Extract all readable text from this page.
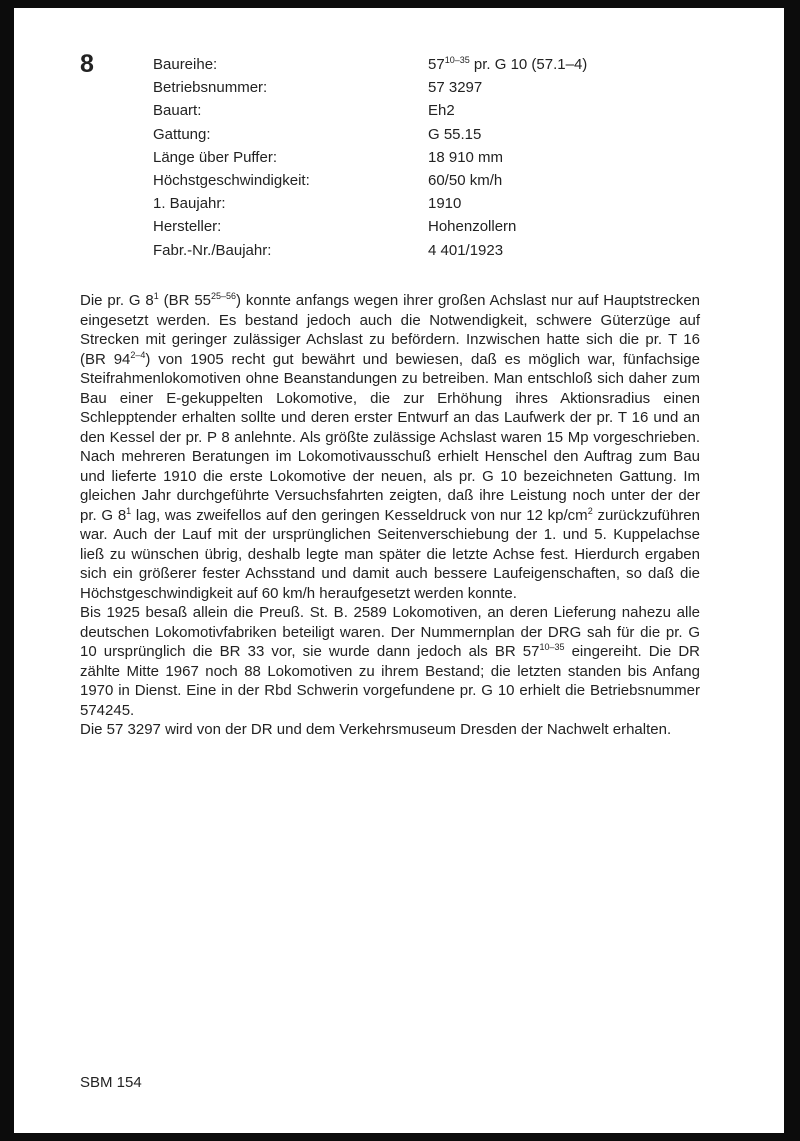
8	Baureihe:	57$^{10-35}$ pr. G 10 (57.1–4)
Betriebsnummer:	57 3297
Bauart:	Eh2
Gattung:	G 55.15
Länge über Puffer:	18 910 mm
Höchstgeschwindigkeit:	60/50 km/h
1. Baujahr:	1910
Hersteller:	Hohenzollern
Fabr.-Nr./Baujahr:	4 401/1923

Die pr. G $8^1$ (BR 55$^{25-56}$) konnte anfangs wegen ihrer großen Achslast nur auf Hauptstrecken eingesetzt werden. Es bestand jedoch auch die Notwendigkeit, schwere Güterzüge auf Strecken mit geringer zulässiger Achslast zu befördern. Inzwischen hatte sich die pr. T 16 (BR 94$^{2-4}$) von 1905 recht gut bewährt und bewiesen, daß es möglich war, fünfachsige Steifrahmenlokomotiven ohne Beanstandungen zu betreiben. Man entschloß sich daher zum Bau einer E-gekuppelten Lokomotive, die zur Erhöhung ihres Aktionsradius einen Schlepptender erhalten sollte und deren erster Entwurf an das Laufwerk der pr. T 16 und an den Kessel der pr. P 8 anlehnte. Als größte zulässige Achslast waren 15 Mp vorgeschrieben. Nach mehreren Beratungen im Lokomotivausschuß erhielt Henschel den Auftrag zum Bau und lieferte 1910 die erste Lokomotive der neuen, als pr. G 10 bezeichneten Gattung. Im gleichen Jahr durchgeführte Versuchsfahrten zeigten, daß ihre Leistung noch unter der der pr. G $8^1$ lag, was zweifellos auf den geringen Kesseldruck von nur 12 $kp/cm^2$ zurückzuführen war. Auch der Lauf mit der ursprünglichen Seitenverschiebung der 1. und 5. Kuppelachse ließ zu wünschen übrig, deshalb legte man später die letzte Achse fest. Hierdurch ergaben sich ein größerer fester Achsstand und damit auch bessere Laufeigenschaften, so daß die Höchstgeschwindigkeit auf 60 km/h heraufgesetzt werden konnte.

Bis 1925 besaß allein die Preuß. St. B. 2589 Lokomotiven, an deren Lieferung nahezu alle deutschen Lokomotivfabriken beteiligt waren. Der Nummernplan der DRG sah für die pr. G 10 ursprünglich die BR 33 vor, sie wurde dann jedoch als BR 57$^{10-35}$ eingereiht. Die DR zählte Mitte 1967 noch 88 Lokomotiven zu ihrem Bestand; die letzten standen bis Anfang 1970 in Dienst. Eine in der Rbd Schwerin vorgefundene pr. G 10 erhielt die Betriebsnummer 574245.

Die 57 3297 wird von der DR und dem Verkehrsmuseum Dresden der Nachwelt erhalten.

SBM 154
